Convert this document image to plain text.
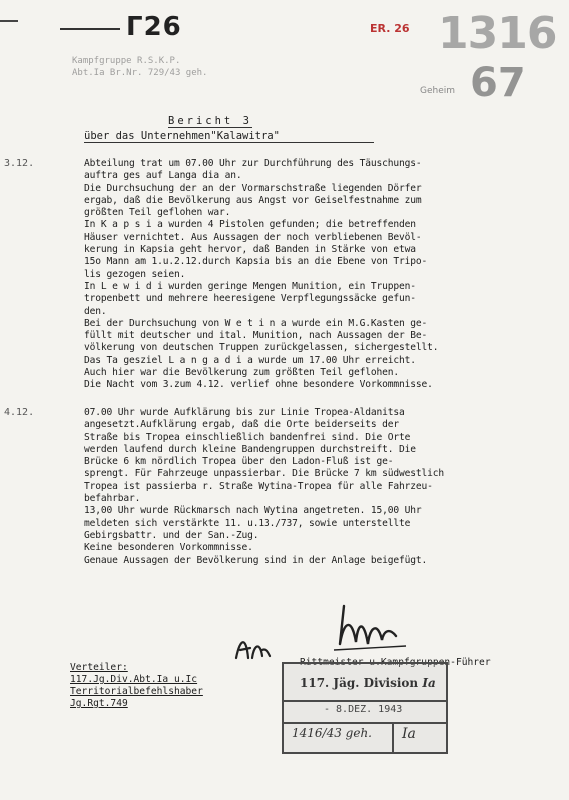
Г26	ER. 26 1316
Geheim 67
Kampfgruppe R.S.K.P.
Abt.Ia Br.Nr. 729/43 geh.
Bericht 3
über das Unternehmen"Kalawitra"
3.12.	Abteilung trat um 07.00 Uhr zur Durchführung des Täuschungs-
auftra ges auf Langa dia an.
Die Durchsuchung der an der Vormarschstraße liegenden Dörfer
ergab, daß die Bevölkerung aus Angst vor Geiselfestnahme zum
größten Teil geflohen war.
In K a p s i a wurden 4 Pistolen gefunden; die betreffenden
Häuser vernichtet. Aus Aussagen der noch verbliebenen Bevöl-
kerung in Kapsia geht hervor, daß Banden in Stärke von etwa
15o Mann am 1.u.2.12.durch Kapsia bis an die Ebene von Tripo-
lis gezogen seien.
In L e w i d i wurden geringe Mengen Munition, ein Truppen-
tropenbett und mehrere heeresigene Verpflegungssäcke gefun-
den.
Bei der Durchsuchung von W e t i n a wurde ein M.G.Kasten ge-
füllt mit deutscher und ital. Munition, nach Aussagen der Be-
völkerung von deutschen Truppen zurückgelassen, sichergestellt.
Das Ta gesziel L a n g a d i a wurde um 17.00 Uhr erreicht.
Auch hier war die Bevölkerung zum größten Teil geflohen.
Die Nacht vom 3.zum 4.12. verlief ohne besondere Vorkommnisse.
4.12.	07.00 Uhr wurde Aufklärung bis zur Linie Tropea-Aldanitsa
angesetzt.Aufklärung ergab, daß die Orte beiderseits der
Straße bis Tropea einschließlich bandenfrei sind. Die Orte
werden laufend durch kleine Bandengruppen durchstreift. Die
Brücke 6 km nördlich Tropea über den Ladon-Fluß ist ge-
sprengt. Für Fahrzeuge unpassierbar. Die Brücke 7 km südwestlich
Tropea ist passierba r. Straße Wytina-Tropea für alle Fahrzeu-
befahrbar.
13,00 Uhr wurde Rückmarsch nach Wytina angetreten. 15,00 Uhr
meldeten sich verstärkte 11. u.13./737, sowie unterstellte
Gebirgsbattr. und der San.-Zug.
Keine besonderen Vorkommnisse.
Genaue Aussagen der Bevölkerung sind in der Anlage beigefügt.
Rittmeister u.Kampfgruppen-Führer
Verteiler:
117.Jg.Div.Abt.Ia u.Ic
Territorialbefehlshaber
Jg.Rgt.749
117. Jäg. Division Ia
- 8.DEZ. 1943
1416/43 geh. Ia
